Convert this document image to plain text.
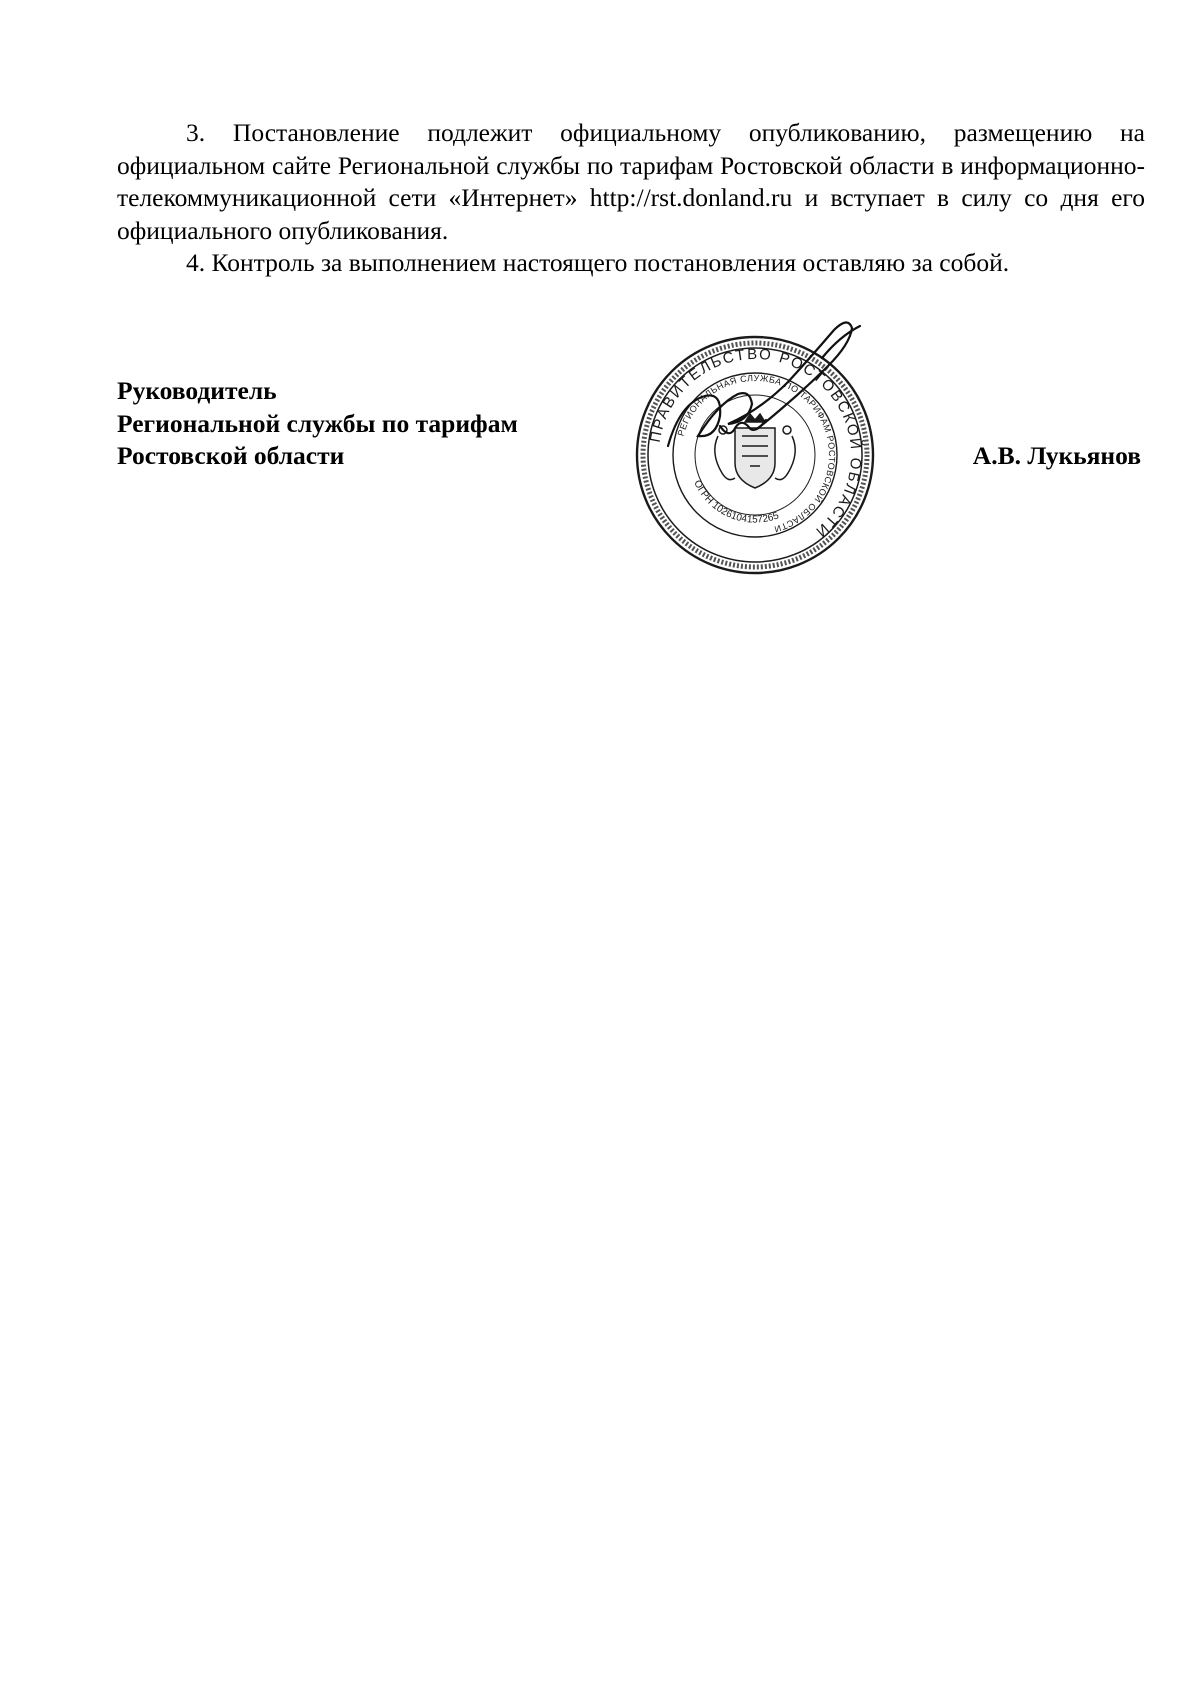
3. Постановление подлежит официальному опубликованию, размещению на официальном сайте Региональной службы по тарифам Ростовской области в информационно-телекоммуникационной сети «Интернет» http://rst.donland.ru и вступает в силу со дня его официального опубликования.

4. Контроль за выполнением настоящего постановления оставляю за собой.

Руководитель
Региональной службы по тарифам
Ростовской области
ПРАВИТЕЛЬСТВО РОСТОВСКОЙ ОБЛАСТИ
РЕГИОНАЛЬНАЯ СЛУЖБА ПО ТАРИФАМ РОСТОВСКОЙ ОБЛАСТИ
ОГРН 1026104157265
А.В. Лукьянов
